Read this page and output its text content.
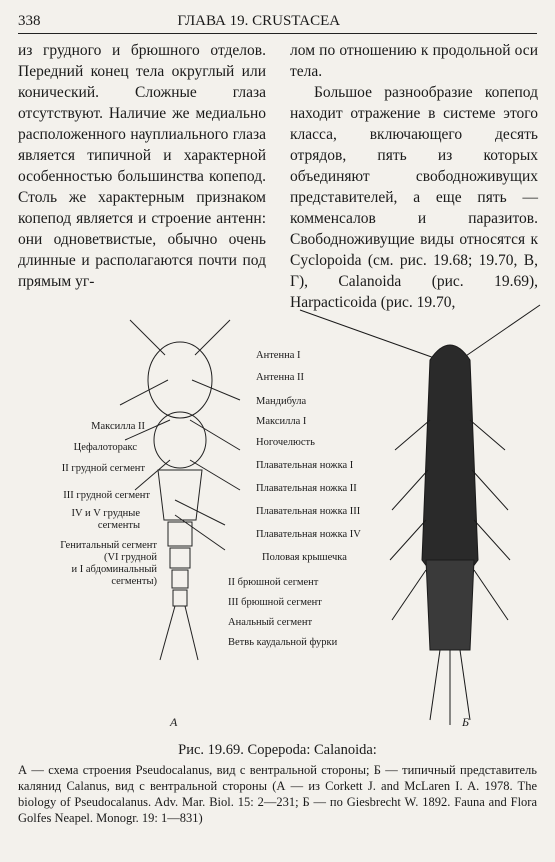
338	ГЛАВА 19. CRUSTACEA

из грудного и брюшного отделов. Передний конец тела округлый или конический. Сложные глаза отсутствуют. Наличие же медиально расположенного науплиального глаза является типичной и характерной особенностью большинства копепод. Столь же характерным признаком копепод является и строение антенн: они одноветвистые, обычно очень длинные и располагаются почти под прямым уг-

лом по отношению к продольной оси тела.

Большое разнообразие копепод находит отражение в системе этого класса, включающего десять отрядов, пять из которых объединяют свободноживущих представителей, а еще пять — комменсалов и паразитов. Свободноживущие виды относятся к Cyclopoida (см. рис. 19.68; 19.70, В, Г), Calanoida (рис. 19.69), Harpacticoida (рис. 19.70,

Антенна I
Антенна II
Мандибула
Максилла I
Ногочелюсть
Плавательная ножка I
Плавательная ножка II
Плавательная ножка III
Плавательная ножка IV
Половая крышечка
II брюшной сегмент
III брюшной сегмент
Анальный сегмент
Ветвь каудальной фурки
Максилла II
Цефалоторакс
II грудной сегмент
III грудной сегмент
IV и V грудные
сегменты
Генитальный сегмент
(VI грудной
и I абдоминальный
сегменты)
А	Б
Рис. 19.69. Copepoda: Calanoida:
А — схема строения Pseudocalanus, вид с вентральной стороны; Б — типичный представитель калянид Calanus, вид с вентральной стороны (А — из Corkett J. and McLaren I. A. 1978. The biology of Pseudocalanus. Adv. Mar. Biol. 15: 2—231; Б — по Giesbrecht W. 1892. Fauna and Flora Golfes Neapel. Monogr. 19: 1—831)
